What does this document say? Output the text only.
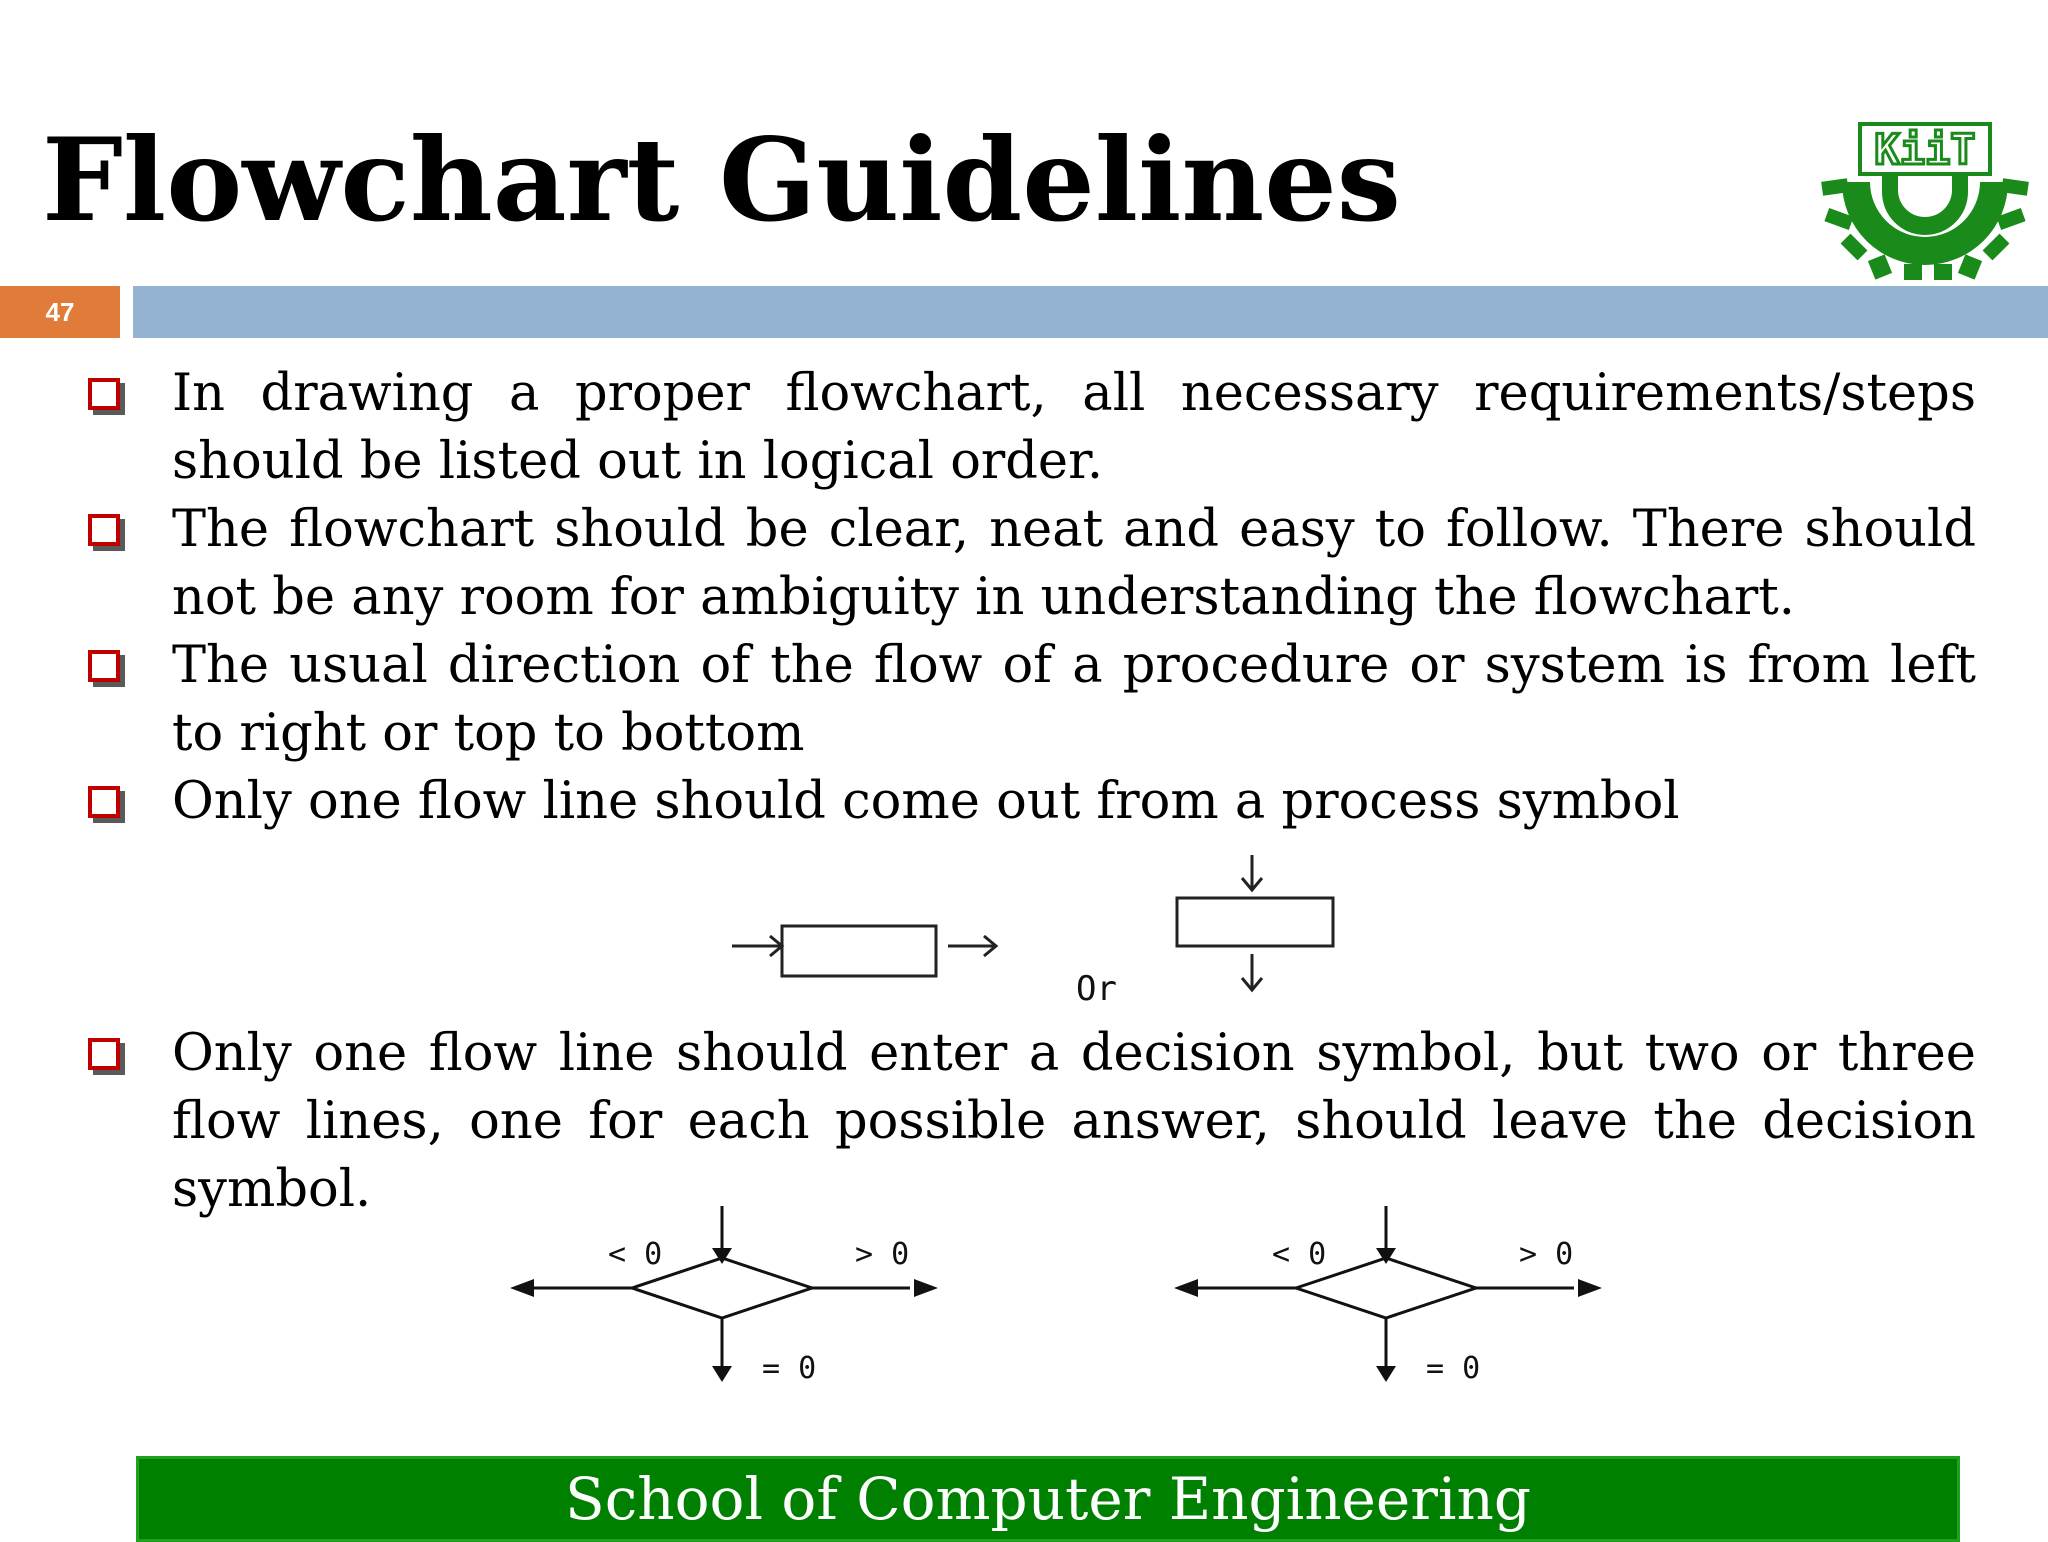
Flowchart Guidelines	KiiT
47
In drawing a proper flowchart, all necessary requirements/steps should be listed out in logical order.
The flowchart should be clear, neat and easy to follow. There should not be any room for ambiguity in understanding the flowchart.
The usual direction of the flow of a procedure or system is from left to right or top to bottom
Only one flow line should come out from a process symbol
Only one flow line should enter a decision symbol, but two or three flow lines, one for each possible answer, should leave the decision symbol.
Or
< 0	> 0
= 0
< 0	> 0
= 0
School of Computer Engineering
